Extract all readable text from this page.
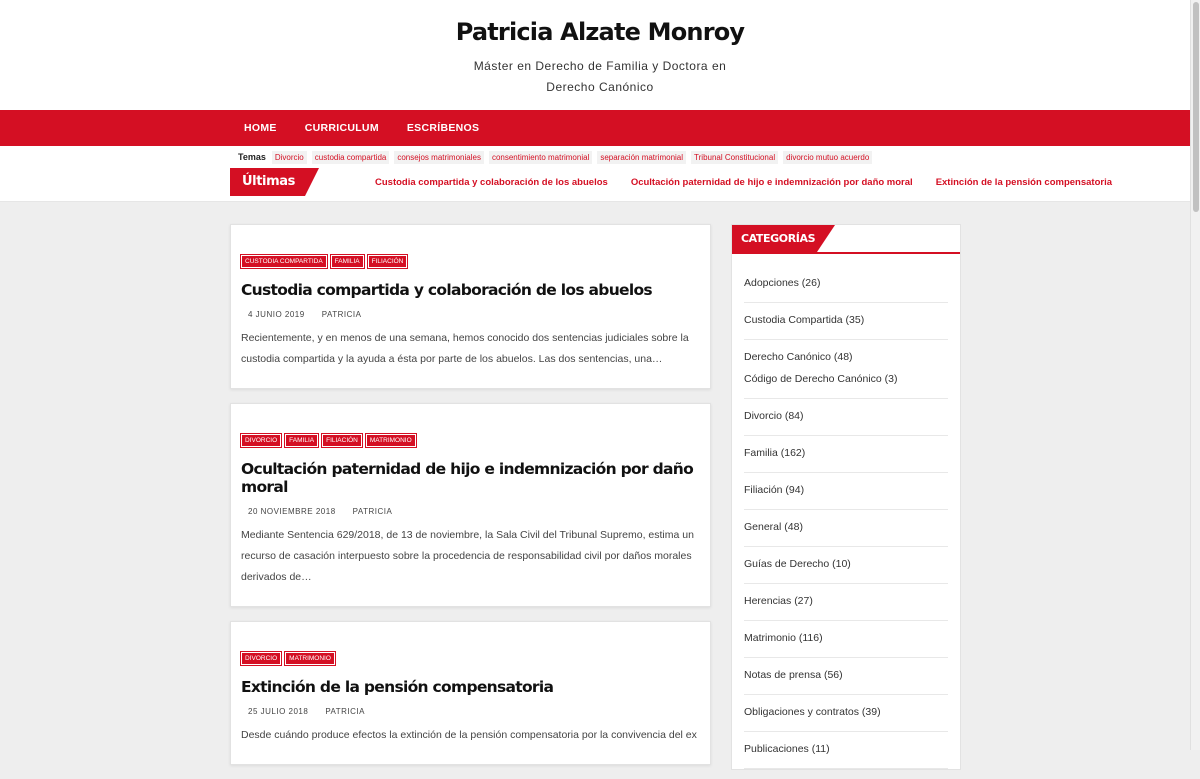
Patricia Alzate Monroy
Máster en Derecho de Familia y Doctora en
Derecho Canónico
HOME	CURRICULUM	ESCRÍBENOS
Temas	Divorcio	custodia compartida	consejos matrimoniales	consentimiento matrimonial	separación matrimonial	Tribunal Constitucional	divorcio mutuo acuerdo
Últimas	Custodia compartida y colaboración de los abuelos Ocultación paternidad de hijo e indemnización por daño moral Extinción de la pensión compensatoria
CUSTODIA COMPARTIDA	FAMILIA	FILIACIÓN
Custodia compartida y colaboración de los abuelos
4 JUNIO 2019 PATRICIA

Recientemente, y en menos de una semana, hemos conocido dos sentencias judiciales sobre la custodia compartida y la ayuda a ésta por parte de los abuelos. Las dos sentencias, una…

DIVORCIO	FAMILIA	FILIACIÓN	MATRIMONIO
Ocultación paternidad de hijo e indemnización por daño moral
20 NOVIEMBRE 2018 PATRICIA

Mediante Sentencia 629/2018, de 13 de noviembre, la Sala Civil del Tribunal Supremo, estima un recurso de casación interpuesto sobre la procedencia de responsabilidad civil por daños morales derivados de…

DIVORCIO	MATRIMONIO
Extinción de la pensión compensatoria
25 JULIO 2018 PATRICIA

Desde cuándo produce efectos la extinción de la pensión compensatoria por la convivencia del ex

CATEGORÍAS
Adopciones (26)
Custodia Compartida (35)
Derecho Canónico (48)
Código de Derecho Canónico (3)
Divorcio (84)
Familia (162)
Filiación (94)
General (48)
Guías de Derecho (10)
Herencias (27)
Matrimonio (116)
Notas de prensa (56)
Obligaciones y contratos (39)
Publicaciones (11)
